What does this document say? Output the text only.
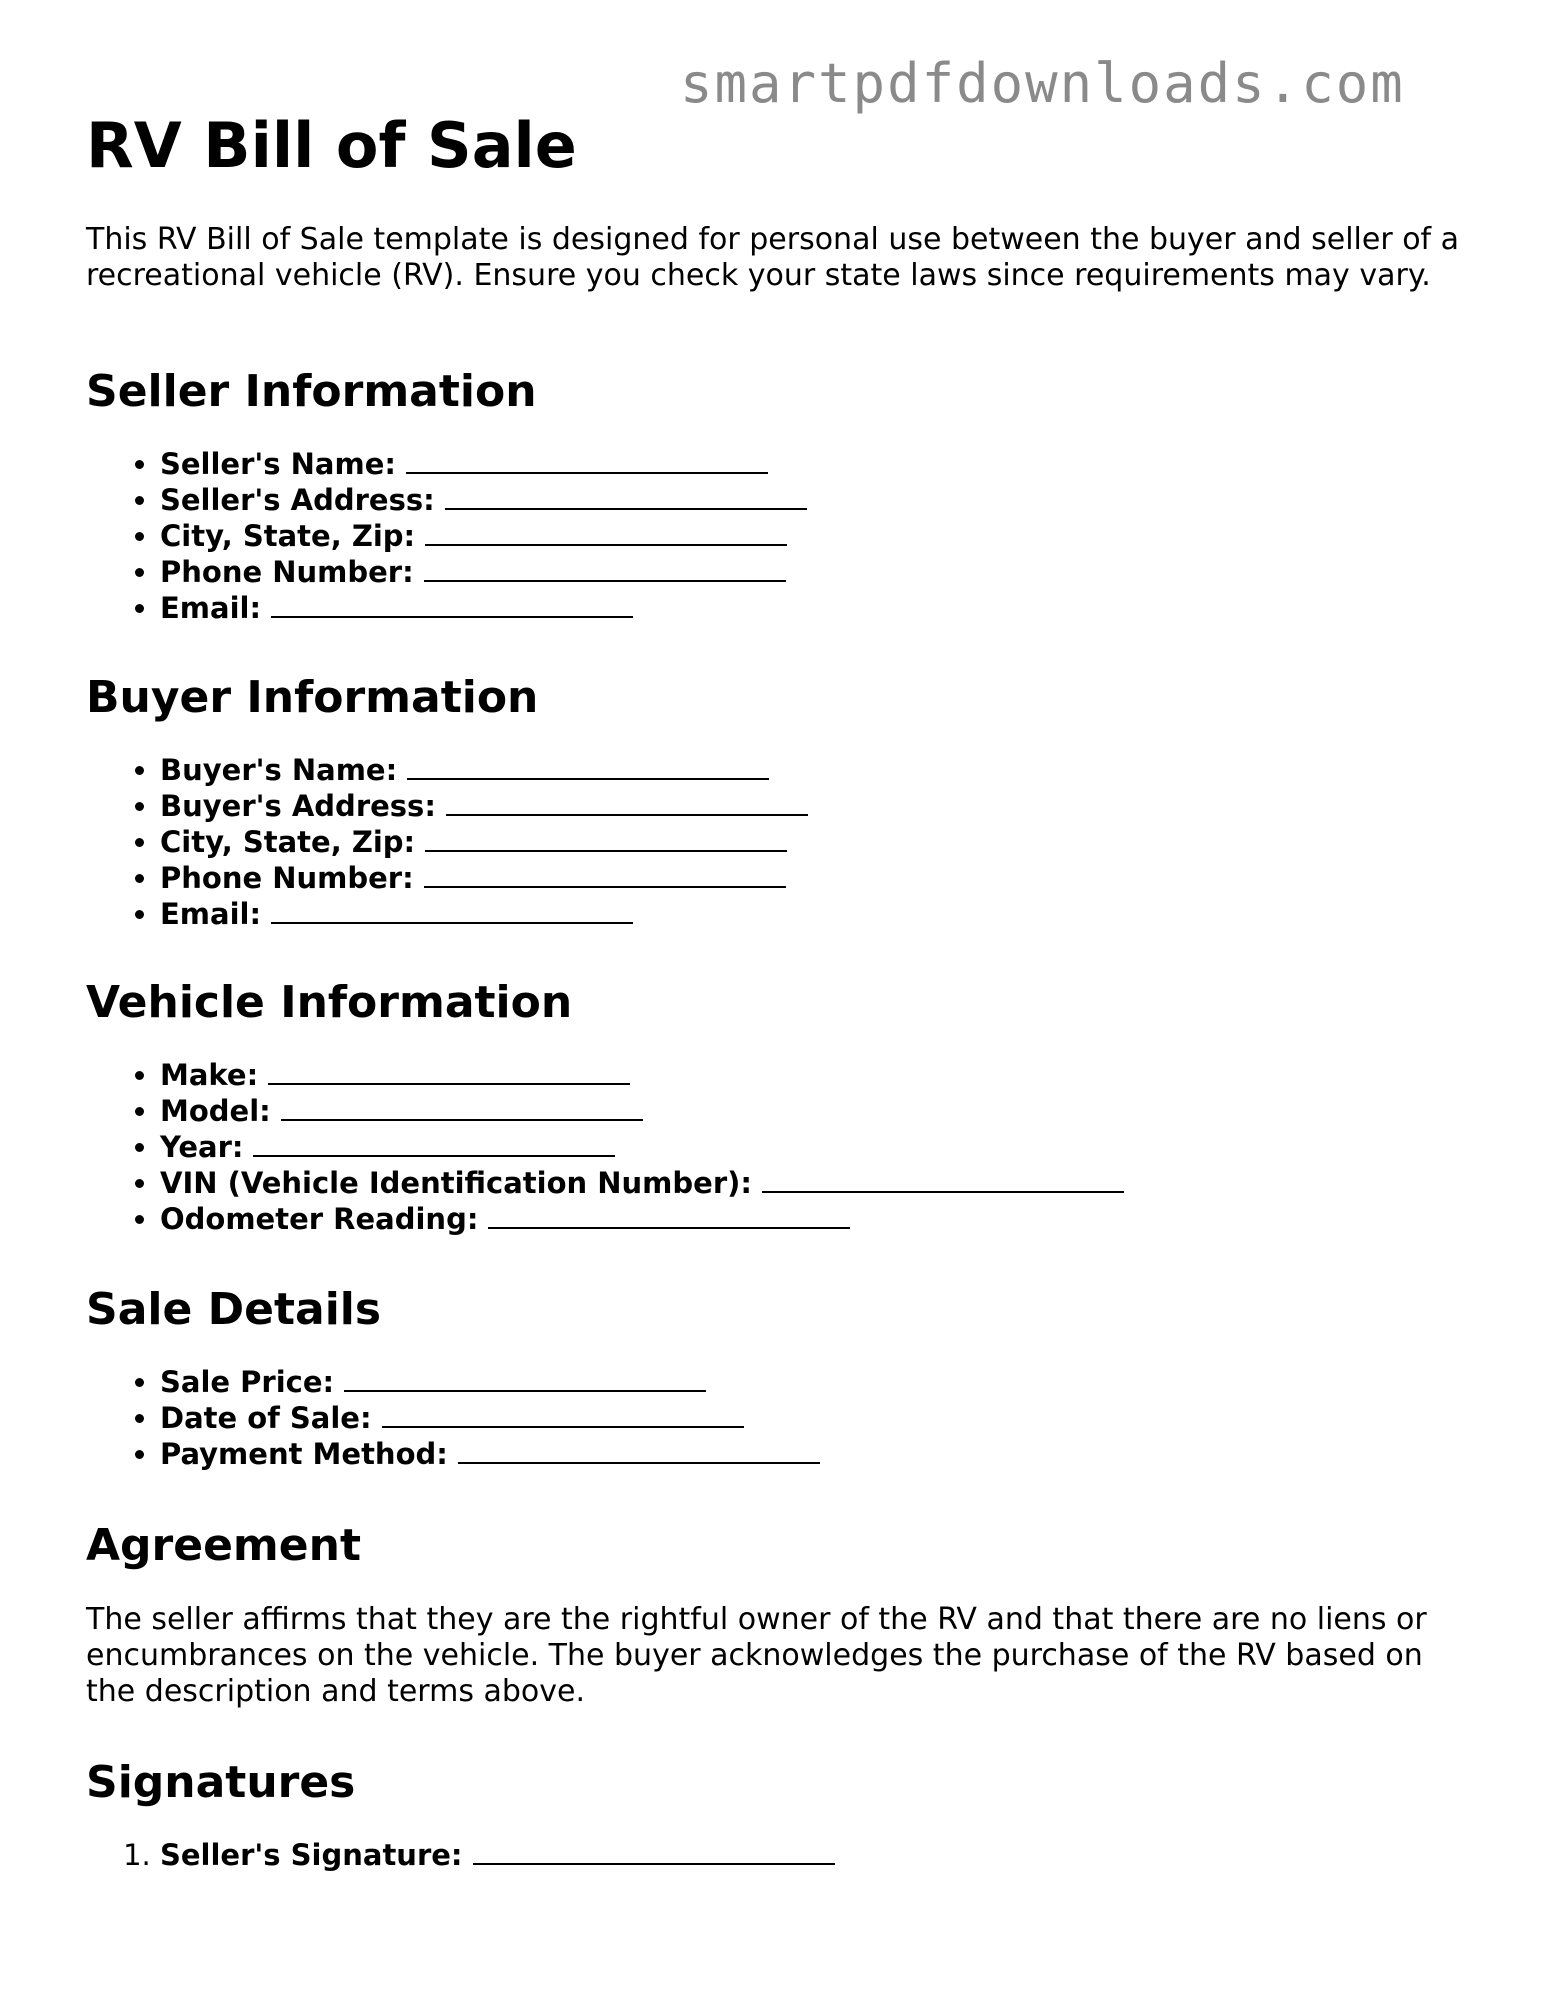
smartpdfdownloads.com
RV Bill of Sale

This RV Bill of Sale template is designed for personal use between the buyer and seller of a recreational vehicle (RV). Ensure you check your state laws since requirements may vary.

Seller Information
• Seller's Name:
• Seller's Address:
• City, State, Zip:
• Phone Number:
• Email:
Buyer Information
• Buyer's Name:
• Buyer's Address:
• City, State, Zip:
• Phone Number:
• Email:
Vehicle Information
• Make:
• Model:
• Year:
• VIN (Vehicle Identification Number):
• Odometer Reading:
Sale Details
• Sale Price:
• Date of Sale:
• Payment Method:
Agreement

The seller affirms that they are the rightful owner of the RV and that there are no liens or encumbrances on the vehicle. The buyer acknowledges the purchase of the RV based on the description and terms above.

Signatures
1. Seller's Signature:
